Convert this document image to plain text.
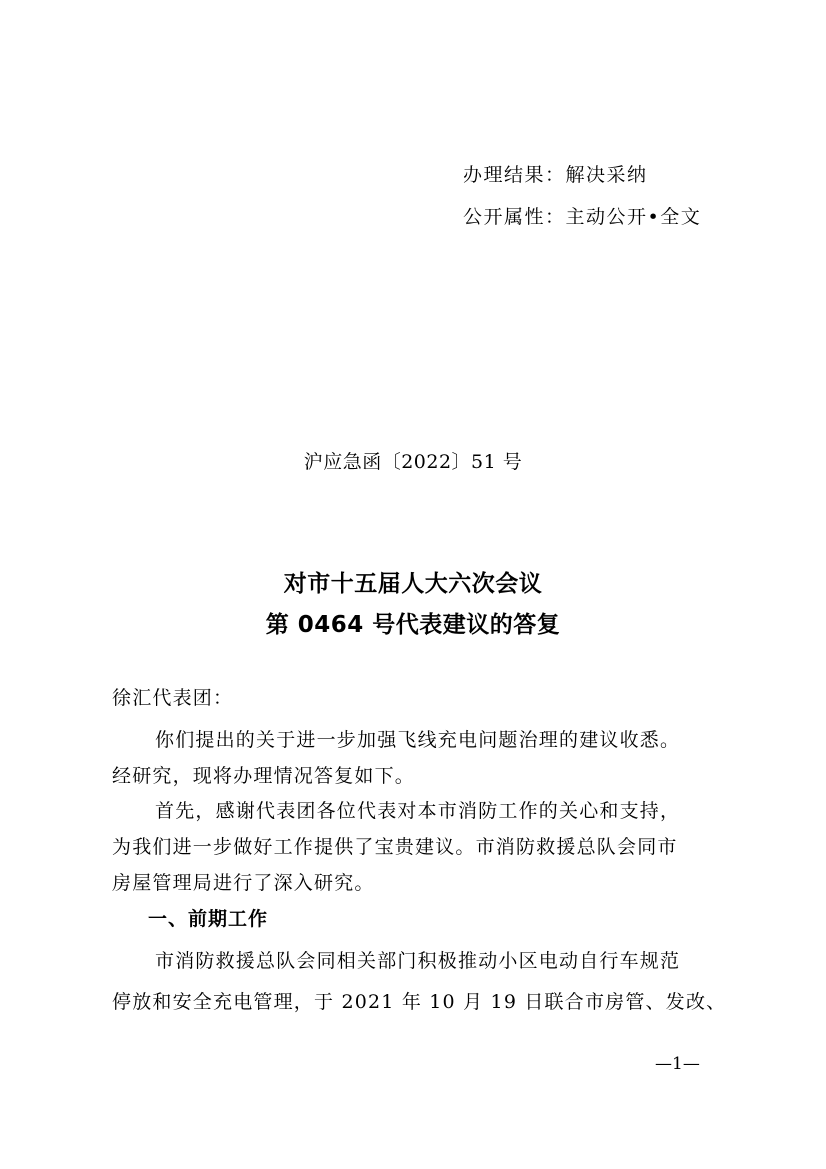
办理结果：解决采纳
公开属性：主动公开•全文
沪应急函〔2022〕51 号
对市十五届人大六次会议
第 0464 号代表建议的答复
徐汇代表团：
你们提出的关于进一步加强飞线充电问题治理的建议收悉。
经研究，现将办理情况答复如下。
首先，感谢代表团各位代表对本市消防工作的关心和支持，
为我们进一步做好工作提供了宝贵建议。市消防救援总队会同市
房屋管理局进行了深入研究。
一、前期工作
市消防救援总队会同相关部门积极推动小区电动自行车规范
停放和安全充电管理，于 2021 年 10 月 19 日联合市房管、发改、
—1—
